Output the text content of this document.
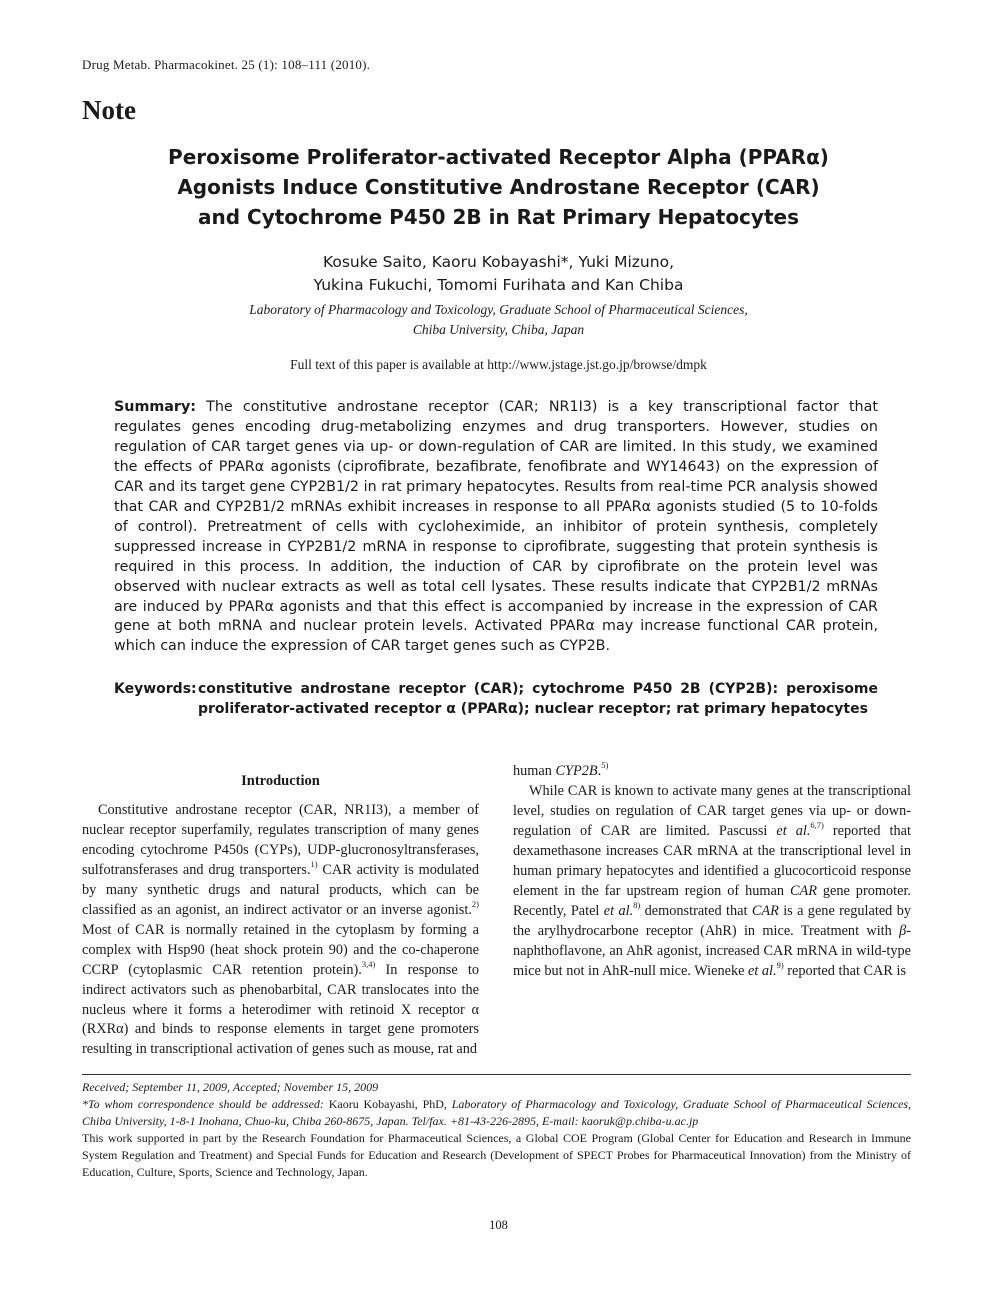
Drug Metab. Pharmacokinet. 25 (1): 108–111 (2010).
Note
Peroxisome Proliferator-activated Receptor Alpha (PPARα)
Agonists Induce Constitutive Androstane Receptor (CAR)
and Cytochrome P450 2B in Rat Primary Hepatocytes
Kosuke Saito, Kaoru Kobayashi*, Yuki Mizuno,
Yukina Fukuchi, Tomomi Furihata and Kan Chiba
Laboratory of Pharmacology and Toxicology, Graduate School of Pharmaceutical Sciences,
Chiba University, Chiba, Japan
Full text of this paper is available at http://www.jstage.jst.go.jp/browse/dmpk
Summary: The constitutive androstane receptor (CAR; NR1I3) is a key transcriptional factor that regulates genes encoding drug-metabolizing enzymes and drug transporters. However, studies on regulation of CAR target genes via up- or down-regulation of CAR are limited. In this study, we examined the effects of PPARα agonists (ciprofibrate, bezafibrate, fenofibrate and WY14643) on the expression of CAR and its target gene CYP2B1/2 in rat primary hepatocytes. Results from real-time PCR analysis showed that CAR and CYP2B1/2 mRNAs exhibit increases in response to all PPARα agonists studied (5 to 10-folds of control). Pretreatment of cells with cycloheximide, an inhibitor of protein synthesis, completely suppressed increase in CYP2B1/2 mRNA in response to ciprofibrate, suggesting that protein synthesis is required in this process. In addition, the induction of CAR by ciprofibrate on the protein level was observed with nuclear extracts as well as total cell lysates. These results indicate that CYP2B1/2 mRNAs are induced by PPARα agonists and that this effect is accompanied by increase in the expression of CAR gene at both mRNA and nuclear protein levels. Activated PPARα may increase functional CAR protein, which can induce the expression of CAR target genes such as CYP2B.
Keywords: constitutive androstane receptor (CAR); cytochrome P450 2B (CYP2B): peroxisome proliferator-activated receptor α (PPARα); nuclear receptor; rat primary hepatocytes
Introduction

Constitutive androstane receptor (CAR, NR1I3), a member of nuclear receptor superfamily, regulates transcription of many genes encoding cytochrome P450s (CYPs), UDP-glucronosyltransferases, sulfotransferases and drug transporters.$^{1)}$ CAR activity is modulated by many synthetic drugs and natural products, which can be classified as an agonist, an indirect activator or an inverse agonist.$^{2)}$ Most of CAR is normally retained in the cytoplasm by forming a complex with Hsp90 (heat shock protein 90) and the co-chaperone CCRP (cytoplasmic CAR retention protein).$^{3,4)}$ In response to indirect activators such as phenobarbital, CAR translocates into the nucleus where it forms a heterodimer with retinoid X receptor α (RXRα) and binds to response elements in target gene promoters resulting in transcriptional activation of genes such as mouse, rat and

human CYP2B.$^{5)}$

While CAR is known to activate many genes at the transcriptional level, studies on regulation of CAR target genes via up- or down-regulation of CAR are limited. Pascussi et al.$^{6,7)}$ reported that dexamethasone increases CAR mRNA at the transcriptional level in human primary hepatocytes and identified a glucocorticoid response element in the far upstream region of human CAR gene promoter. Recently, Patel et al.$^{8)}$ demonstrated that CAR is a gene regulated by the arylhydrocarbone receptor (AhR) in mice. Treatment with β-naphthoflavone, an AhR agonist, increased CAR mRNA in wild-type mice but not in AhR-null mice. Wieneke et al.$^{9)}$ reported that CAR is

Received; September 11, 2009, Accepted; November 15, 2009

*To whom correspondence should be addressed: Kaoru Kobayashi, PhD, Laboratory of Pharmacology and Toxicology, Graduate School of Pharmaceutical Sciences, Chiba University, 1-8-1 Inohana, Chuo-ku, Chiba 260-8675, Japan. Tel/fax. +81-43-226-2895, E-mail: kaoruk@p.chiba-u.ac.jp

This work supported in part by the Research Foundation for Pharmaceutical Sciences, a Global COE Program (Global Center for Education and Research in Immune System Regulation and Treatment) and Special Funds for Education and Research (Development of SPECT Probes for Pharmaceutical Innovation) from the Ministry of Education, Culture, Sports, Science and Technology, Japan.

108
